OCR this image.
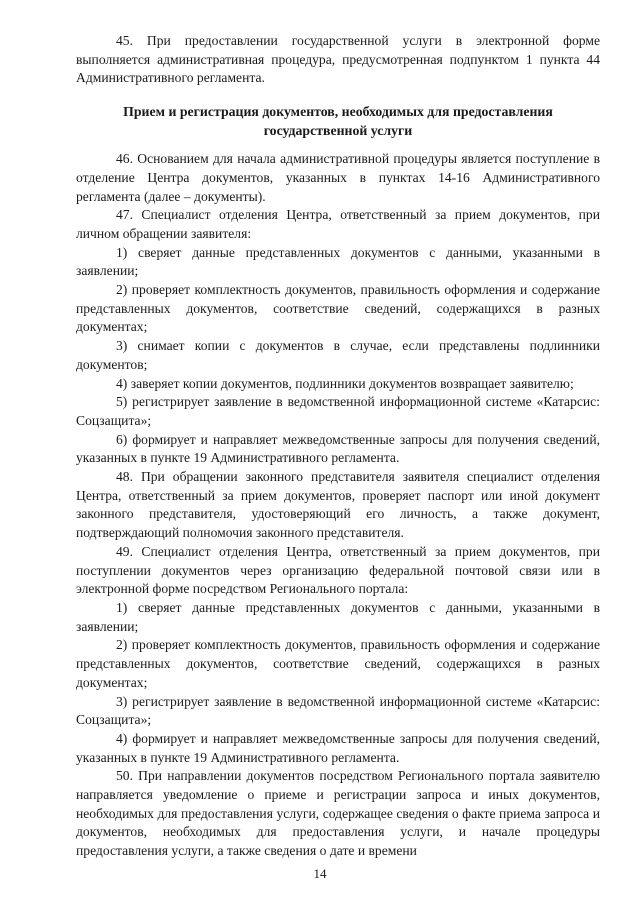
45. При предоставлении государственной услуги в электронной форме выполняется административная процедура, предусмотренная подпунктом 1 пункта 44 Административного регламента.

Прием и регистрация документов, необходимых для предоставления государственной услуги

46. Основанием для начала административной процедуры является поступление в отделение Центра документов, указанных в пунктах 14-16 Административного регламента (далее – документы).

47. Специалист отделения Центра, ответственный за прием документов, при личном обращении заявителя:

1) сверяет данные представленных документов с данными, указанными в заявлении;

2) проверяет комплектность документов, правильность оформления и содержание представленных документов, соответствие сведений, содержащихся в разных документах;

3) снимает копии с документов в случае, если представлены подлинники документов;

4) заверяет копии документов, подлинники документов возвращает заявителю;

5) регистрирует заявление в ведомственной информационной системе «Катарсис: Соцзащита»;

6) формирует и направляет межведомственные запросы для получения сведений, указанных в пункте 19 Административного регламента.

48. При обращении законного представителя заявителя специалист отделения Центра, ответственный за прием документов, проверяет паспорт или иной документ законного представителя, удостоверяющий его личность, а также документ, подтверждающий полномочия законного представителя.

49. Специалист отделения Центра, ответственный за прием документов, при поступлении документов через организацию федеральной почтовой связи или в электронной форме посредством Регионального портала:

1) сверяет данные представленных документов с данными, указанными в заявлении;

2) проверяет комплектность документов, правильность оформления и содержание представленных документов, соответствие сведений, содержащихся в разных документах;

3) регистрирует заявление в ведомственной информационной системе «Катарсис: Соцзащита»;

4) формирует и направляет межведомственные запросы для получения сведений, указанных в пункте 19 Административного регламента.

50. При направлении документов посредством Регионального портала заявителю направляется уведомление о приеме и регистрации запроса и иных документов, необходимых для предоставления услуги, содержащее сведения о факте приема запроса и документов, необходимых для предоставления услуги, и начале процедуры предоставления услуги, а также сведения о дате и времени

14
